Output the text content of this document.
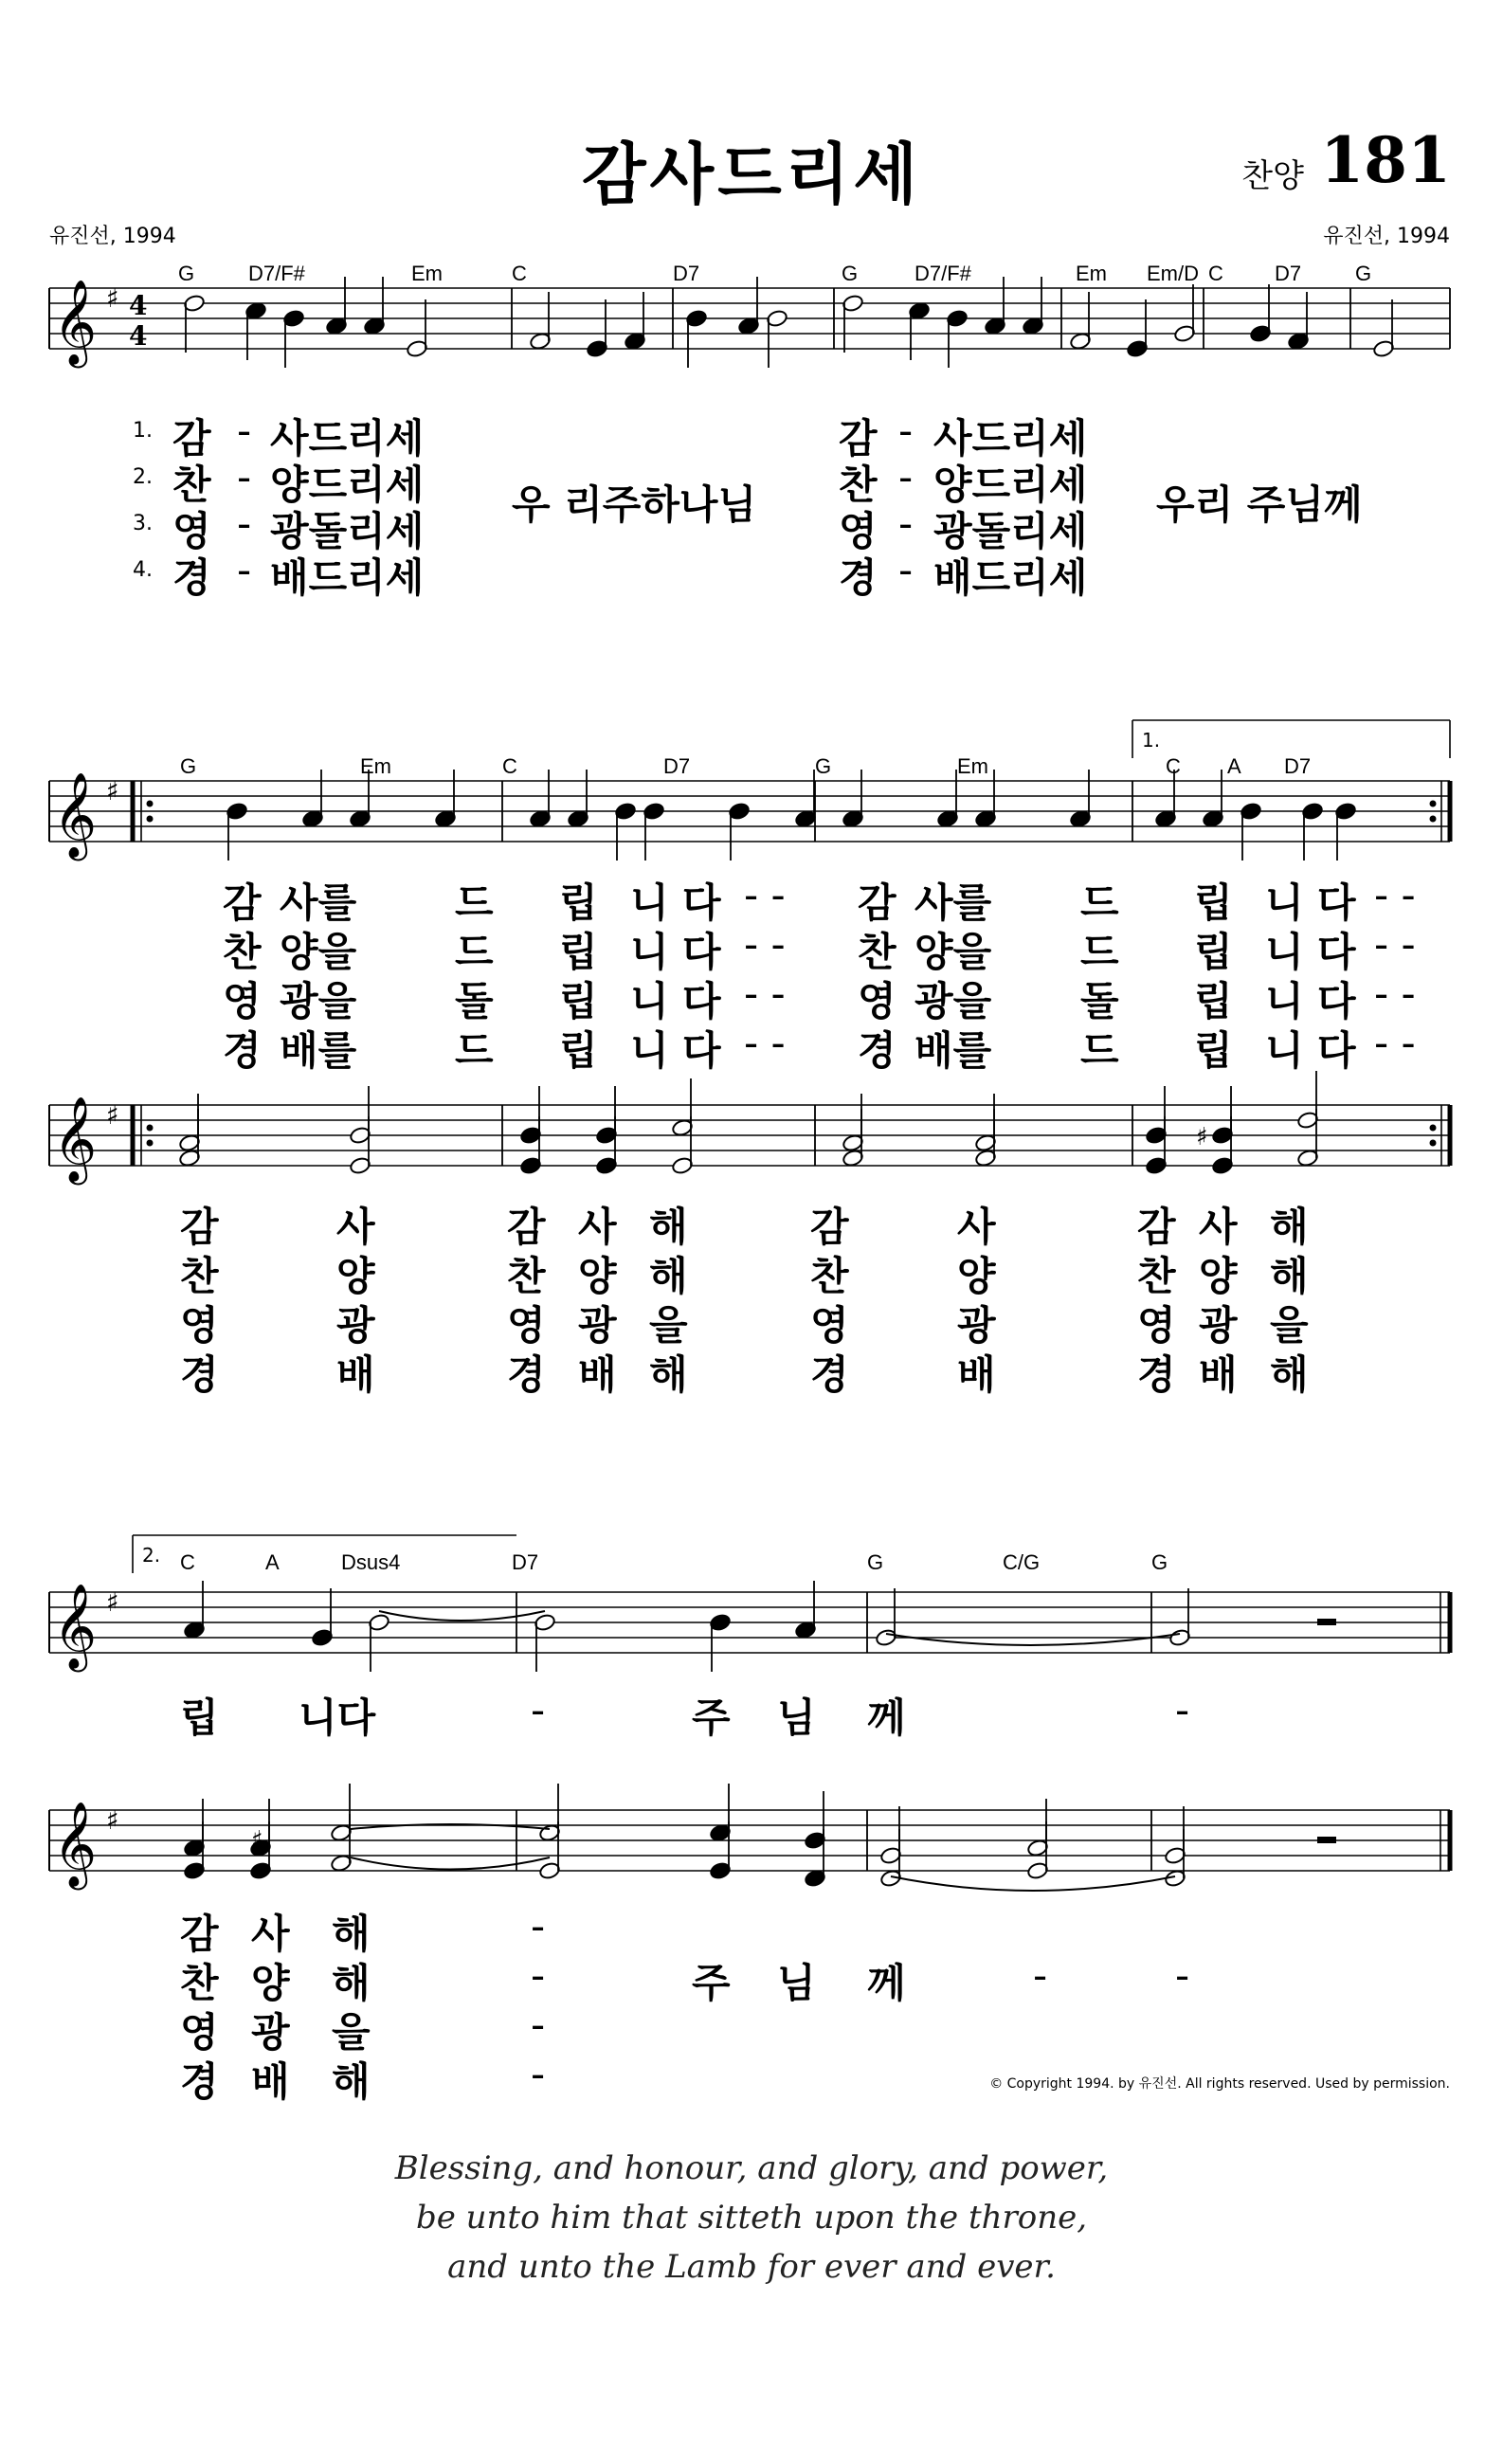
감사드리세	찬양 181
유진선, 1994	유진선, 1994
𝄞 ♯ 4
4
G	D7/F#	Em	C	D7	G	D7/F#	Em Em/D C D7	G
𝄞 ♯
G	Em	C	D7	G	Em	C A D7
1.
𝄞 ♯
♯
𝄞 ♯
C	A	Dsus4	D7	G	C/G	G
2.
𝄞 ♯
♯
1. 감 - 사드리세	감 - 사드리세
2. 찬 - 양드리세	찬 - 양드리세
3. 영 - 광돌리세	영 - 광돌리세
4. 경 - 배드리세	경 - 배드리세
우 리주하나님	우리 주님께
감 사를 드 립 니 다	감 사를 드 립 니 다
- -	- -
찬 양을 드 립 니 다	찬 양을 드 립 니 다
- -	- -
영 광을 돌 립 니 다	영 광을 돌 립 니 다
- -	- -
경 배를 드 립 니 다	경 배를 드 립 니 다
- -	- -
감	사	감 사 해	감	사	감 사 해
찬	양	찬 양 해	찬	양	찬 양 해
영	광	영 광 을	영	광	영 광 을
경	배	경 배 해	경	배	경 배 해
립 니다	-	주 님 께	-
감 사 해	-
찬 양 해	-
영 광 을	-
경 배 해	-
주 님 께	-	-
© Copyright 1994. by 유진선. All rights reserved. Used by permission.
Blessing, and honour, and glory, and power,
be unto him that sitteth upon the throne,
and unto the Lamb for ever and ever.
